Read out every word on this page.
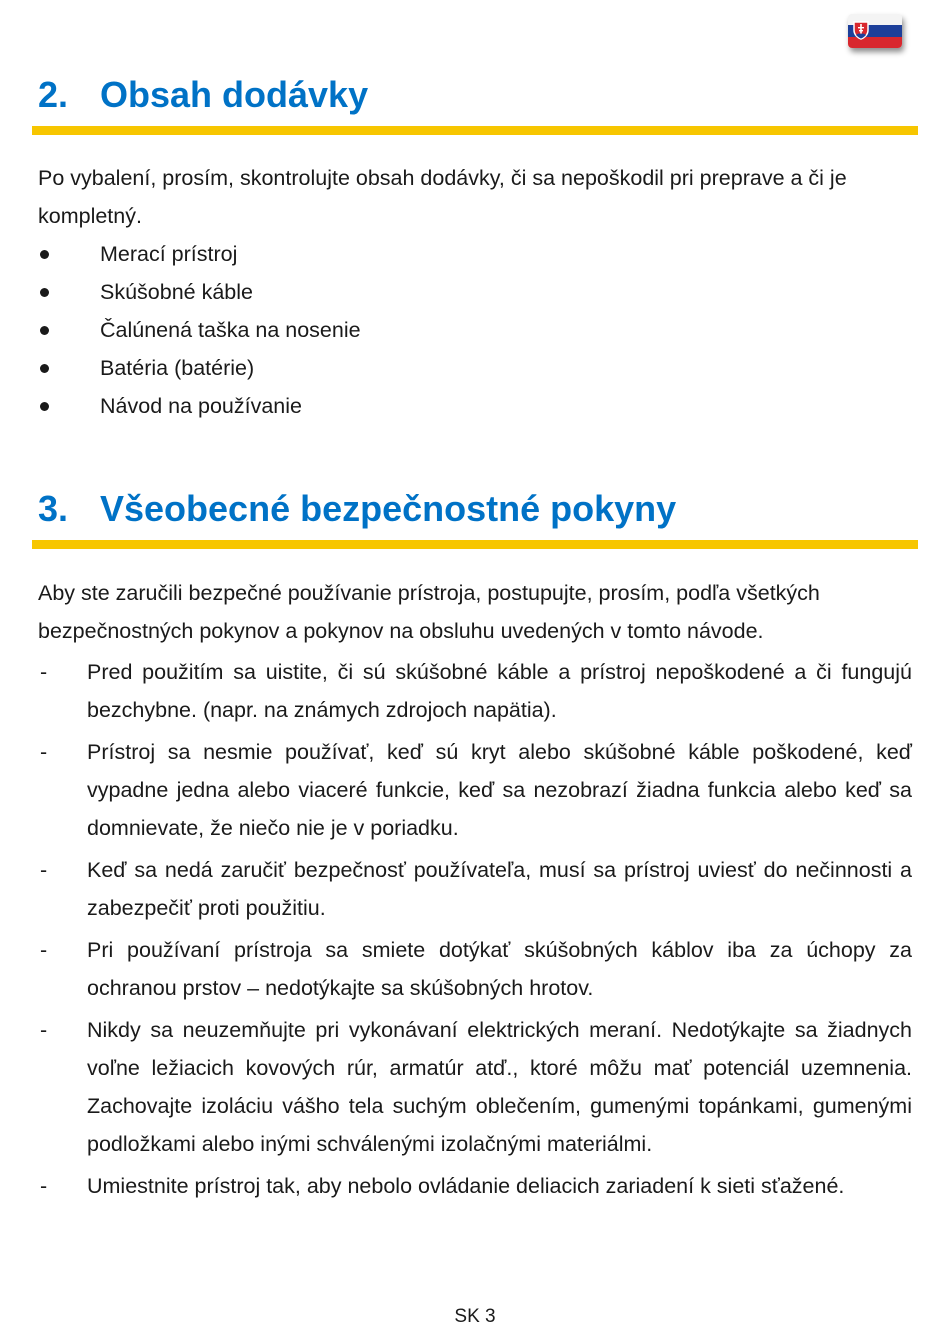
2. Obsah dodávky

Po vybalení, prosím, skontrolujte obsah dodávky, či sa nepoškodil pri preprave a či je kompletný.

Merací prístroj
Skúšobné káble
Čalúnená taška na nosenie
Batéria (batérie)
Návod na používanie
3. Všeobecné bezpečnostné pokyny

Aby ste zaručili bezpečné používanie prístroja, postupujte, prosím, podľa všetkých bezpečnostných pokynov a pokynov na obsluhu uvedených v tomto návode.

- Pred použitím sa uistite, či sú skúšobné káble a prístroj nepoškodené a či fungujú bezchybne. (napr. na známych zdrojoch napätia).
- Prístroj sa nesmie používať, keď sú kryt alebo skúšobné káble poškodené, keď vypadne jedna alebo viaceré funkcie, keď sa nezobrazí žiadna funkcia alebo keď sa domnievate, že niečo nie je v poriadku.
- Keď sa nedá zaručiť bezpečnosť používateľa, musí sa prístroj uviesť do nečinnosti a zabezpečiť proti použitiu.
- Pri používaní prístroja sa smiete dotýkať skúšobných káblov iba za úchopy za ochranou prstov – nedotýkajte sa skúšobných hrotov.
- Nikdy sa neuzemňujte pri vykonávaní elektrických meraní. Nedotýkajte sa žiadnych voľne ležiacich kovových rúr, armatúr atď., ktoré môžu mať potenciál uzemnenia. Zachovajte izoláciu vášho tela suchým oblečením, gumenými topánkami, gumenými podložkami alebo inými schválenými izolačnými materiálmi.
- Umiestnite prístroj tak, aby nebolo ovládanie deliacich zariadení k sieti sťažené.
SK 3
